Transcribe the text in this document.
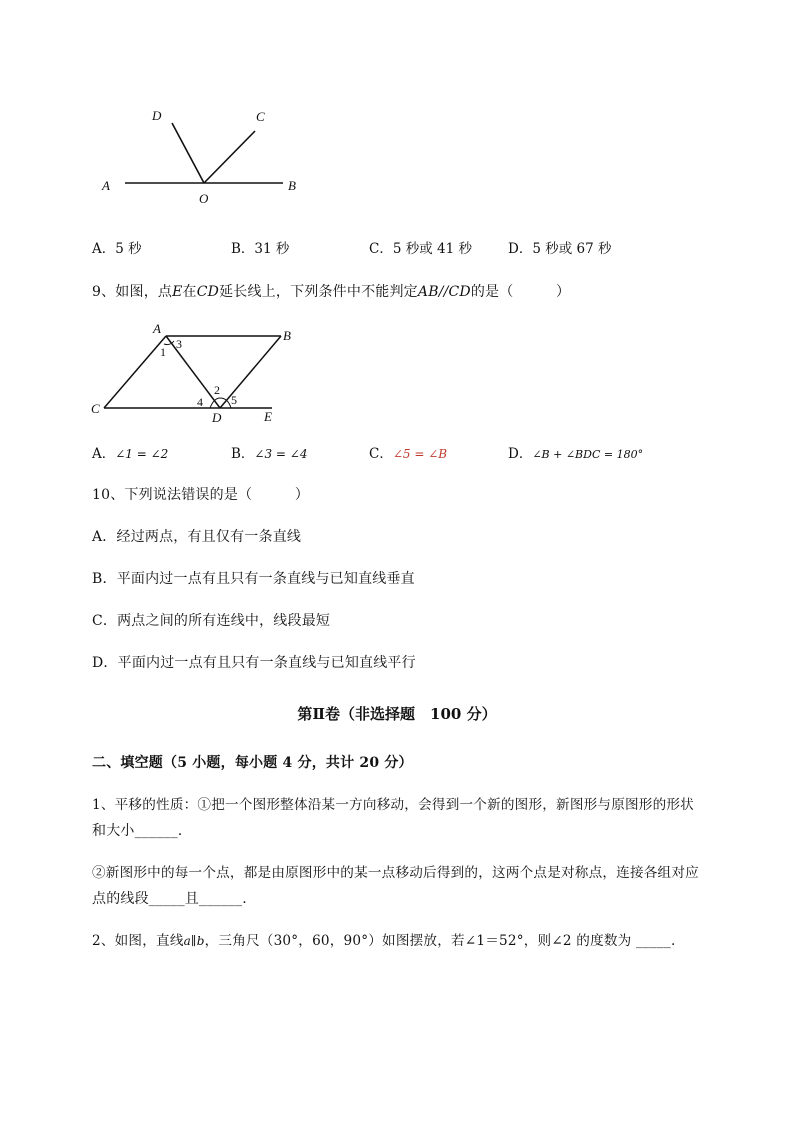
D	C
A
O
B
A．5 秒	B．31 秒	C．5 秒或 41 秒	D．5 秒或 67 秒
9、如图，点E在CD延长线上，下列条件中不能判定AB//CD的是（　　　）
A	B
C
D	E
1
2
3
4 5
A．∠1 = ∠2	B．∠3 = ∠4	C．∠5 = ∠B	D．∠B + ∠BDC = 180°
10、下列说法错误的是（　　　）
A．经过两点，有且仅有一条直线
B．平面内过一点有且只有一条直线与已知直线垂直
C．两点之间的所有连线中，线段最短
D．平面内过一点有且只有一条直线与已知直线平行
第Ⅱ卷（非选择题　100 分）
二、填空题（5 小题，每小题 4 分，共计 20 分）
1、平移的性质：①把一个图形整体沿某一方向移动，会得到一个新的图形，新图形与原图形的形状
和大小______.
②新图形中的每一个点，都是由原图形中的某一点移动后得到的，这两个点是对称点，连接各组对应
点的线段_____且______.
2、如图，直线a∥b，三角尺（30°，60，90°）如图摆放，若∠1＝52°，则∠2 的度数为 _____.
